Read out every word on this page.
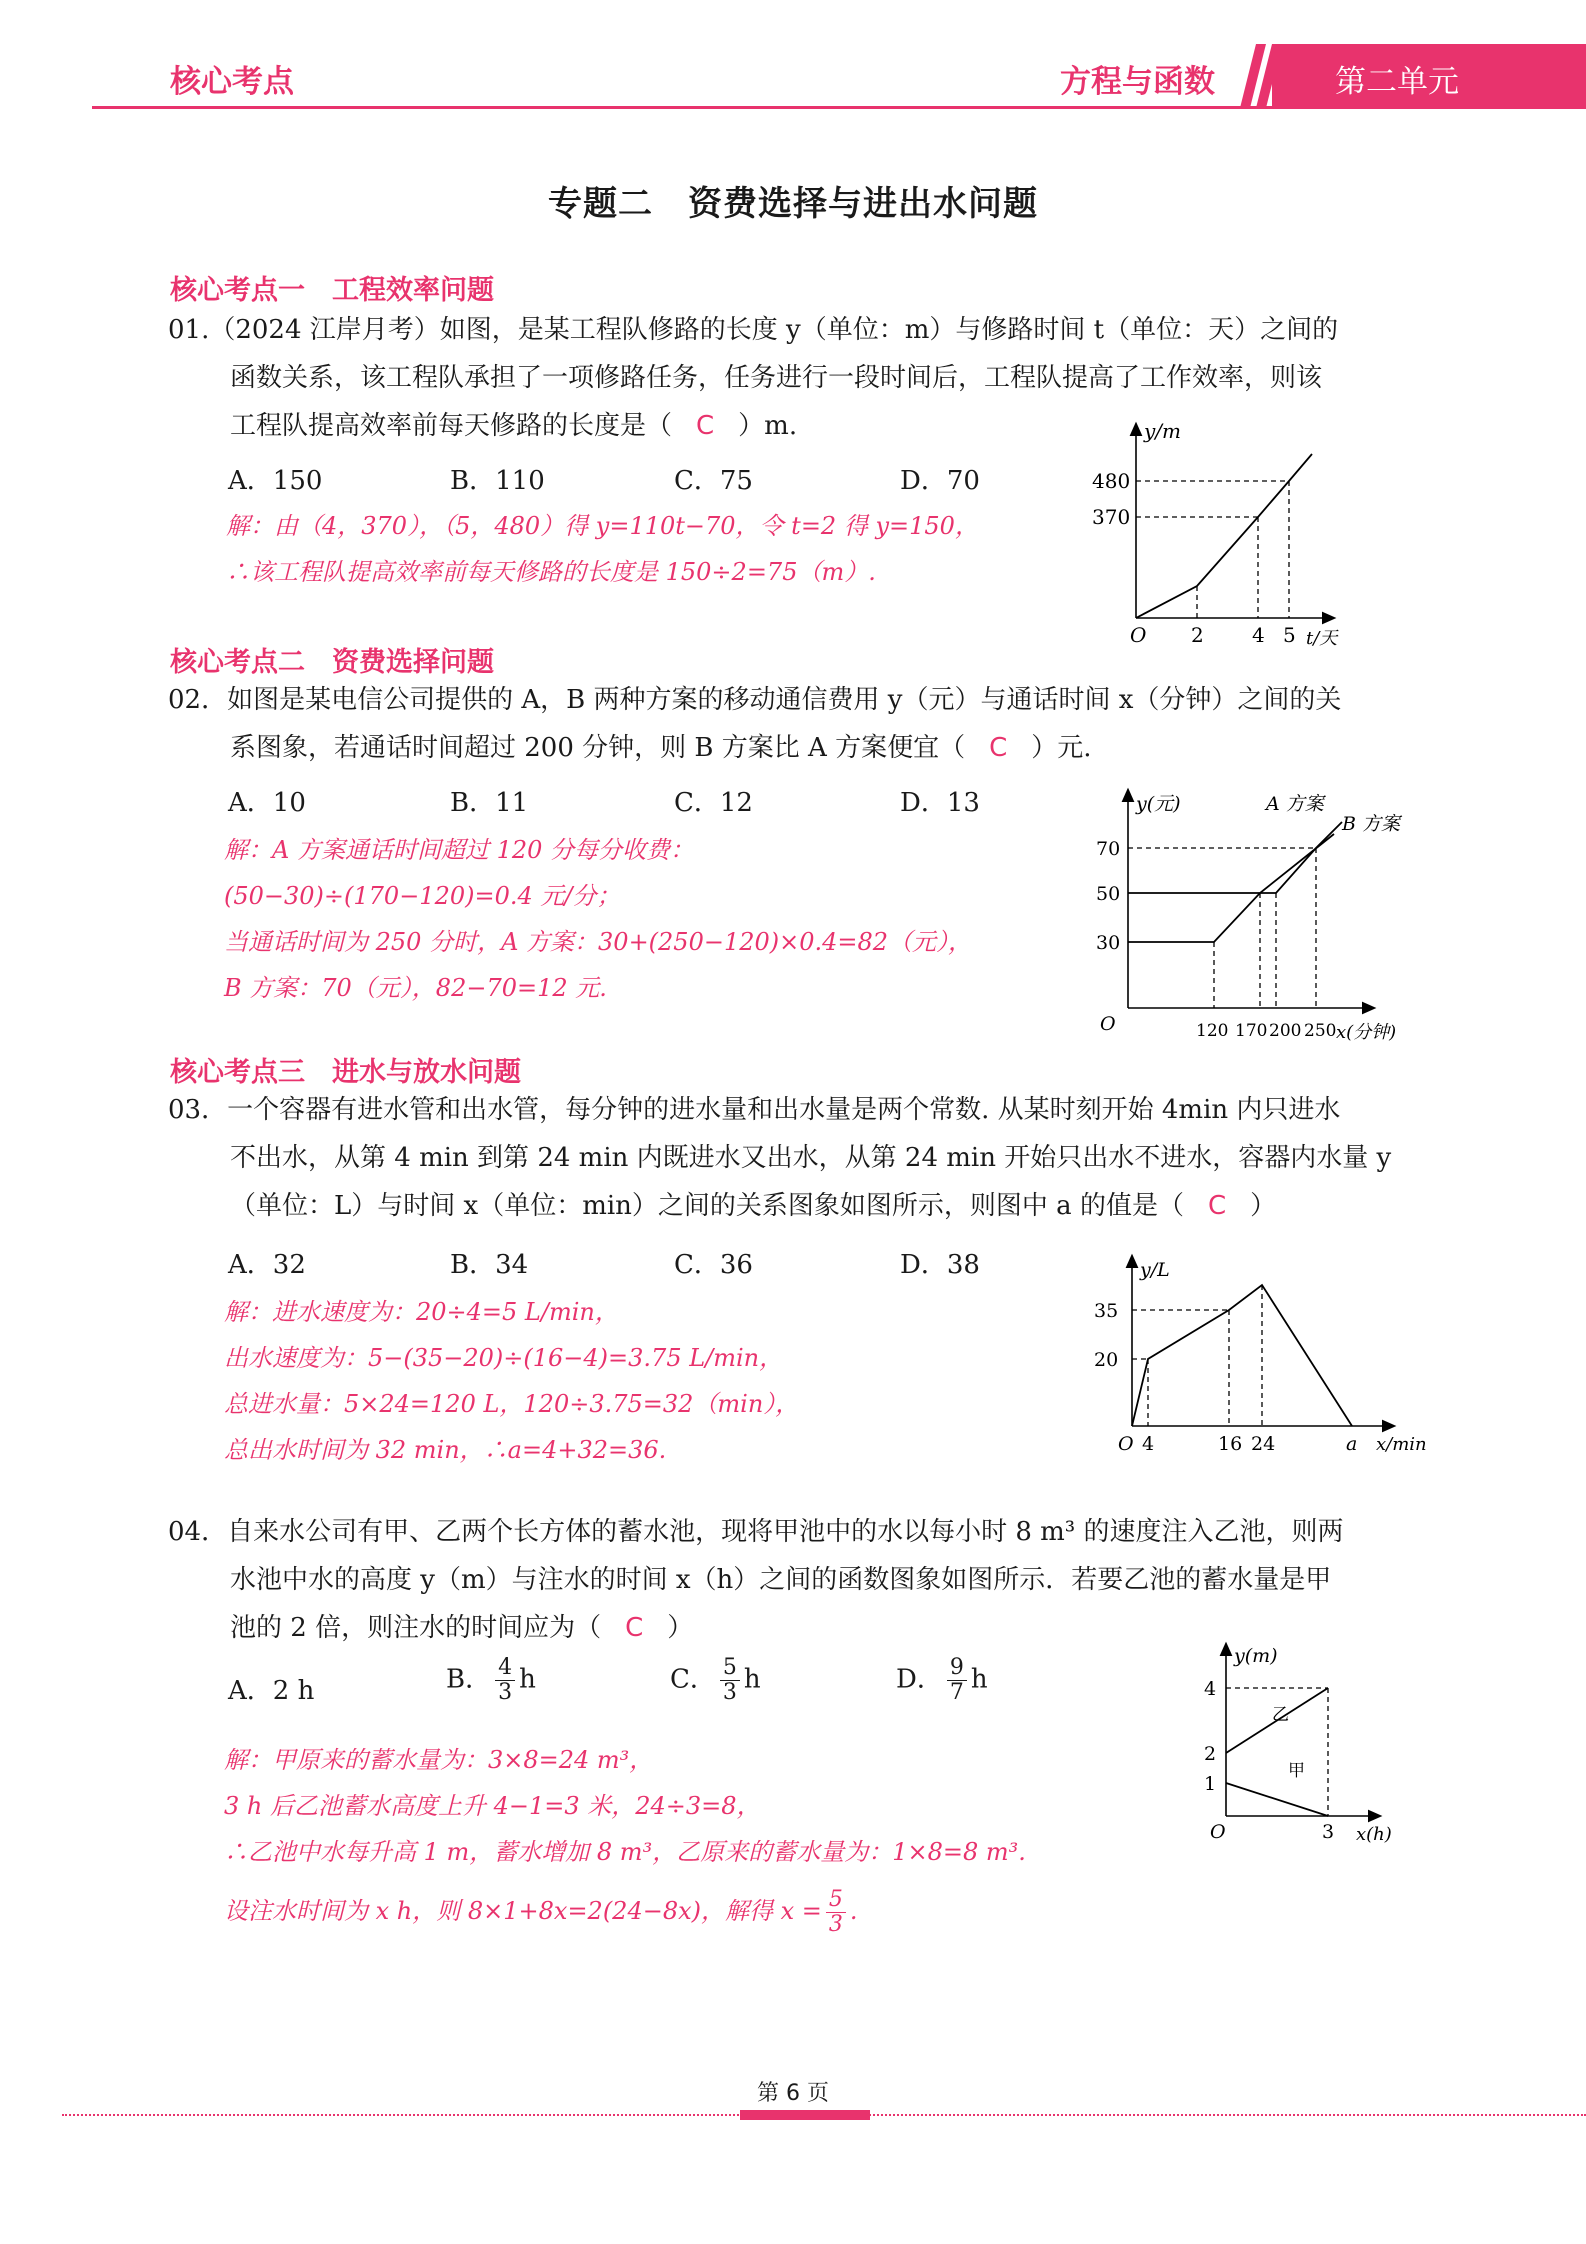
核心考点	方程与函数	第二单元
专题二　资费选择与进出水问题
核心考点一　工程效率问题
01.（2024 江岸月考）如图，是某工程队修路的长度 y（单位：m）与修路时间 t（单位：天）之间的
函数关系，该工程队承担了一项修路任务，任务进行一段时间后，工程队提高了工作效率，则该
工程队提高效率前每天修路的长度是（ C ）m.
A．150	B．110	C．75	D．70
解：由（4，370），（5，480）得 y=110t−70，令 t=2 得 y=150，
∴该工程队提高效率前每天修路的长度是 150÷2=75（m）.
y/m
480
370
O 2 4 5 t/天
核心考点二　资费选择问题
02．如图是某电信公司提供的 A，B 两种方案的移动通信费用 y（元）与通话时间 x（分钟）之间的关
系图象，若通话时间超过 200 分钟，则 B 方案比 A 方案便宜（ C ）元.
A．10	B．11	C．12	D．13
解：A 方案通话时间超过 120 分每分收费：
(50−30)÷(170−120)=0.4 元/分；
当通话时间为 250 分时，A 方案：30+(250−120)×0.4=82（元），
B 方案：70（元），82−70=12 元.
y(元)	A 方案
B 方案
70
50
30
O	120 170 200 250 x(分钟)
核心考点三　进水与放水问题
03．一个容器有进水管和出水管，每分钟的进水量和出水量是两个常数. 从某时刻开始 4min 内只进水
不出水，从第 4 min 到第 24 min 内既进水又出水，从第 24 min 开始只出水不进水，容器内水量 y
（单位：L）与时间 x（单位：min）之间的关系图象如图所示，则图中 a 的值是（ C ）
A．32	B．34	C．36	D．38
解：进水速度为：20÷4=5 L/min，
出水速度为：5−(35−20)÷(16−4)=3.75 L/min，
总进水量：5×24=120 L，120÷3.75=32（min），
总出水时间为 32 min，∴a=4+32=36.
y/L
35
20
O 4	16 24	a x/min
04．自来水公司有甲、乙两个长方体的蓄水池，现将甲池中的水以每小时 8 m³ 的速度注入乙池，则两
水池中水的高度 y（m）与注水的时间 x（h）之间的函数图象如图所示．若要乙池的蓄水量是甲
池的 2 倍，则注水的时间应为（ C ）
A．2 h	B． $\frac{4}{3}$ h	C． $\frac{5}{3}$ h	D． $\frac{9}{7}$ h
解：甲原来的蓄水量为：3×8=24 m³，
3 h 后乙池蓄水高度上升 4−1=3 米，24÷3=8，
∴乙池中水每升高 1 m，蓄水增加 8 m³，乙原来的蓄水量为：1×8=8 m³.
设注水时间为 x h，则 8×1+8x=2(24−8x)，解得 $x = \frac{5}{3}$ .
y(m)
4
2
1
乙
甲
O	3 x(h)
第 6 页
